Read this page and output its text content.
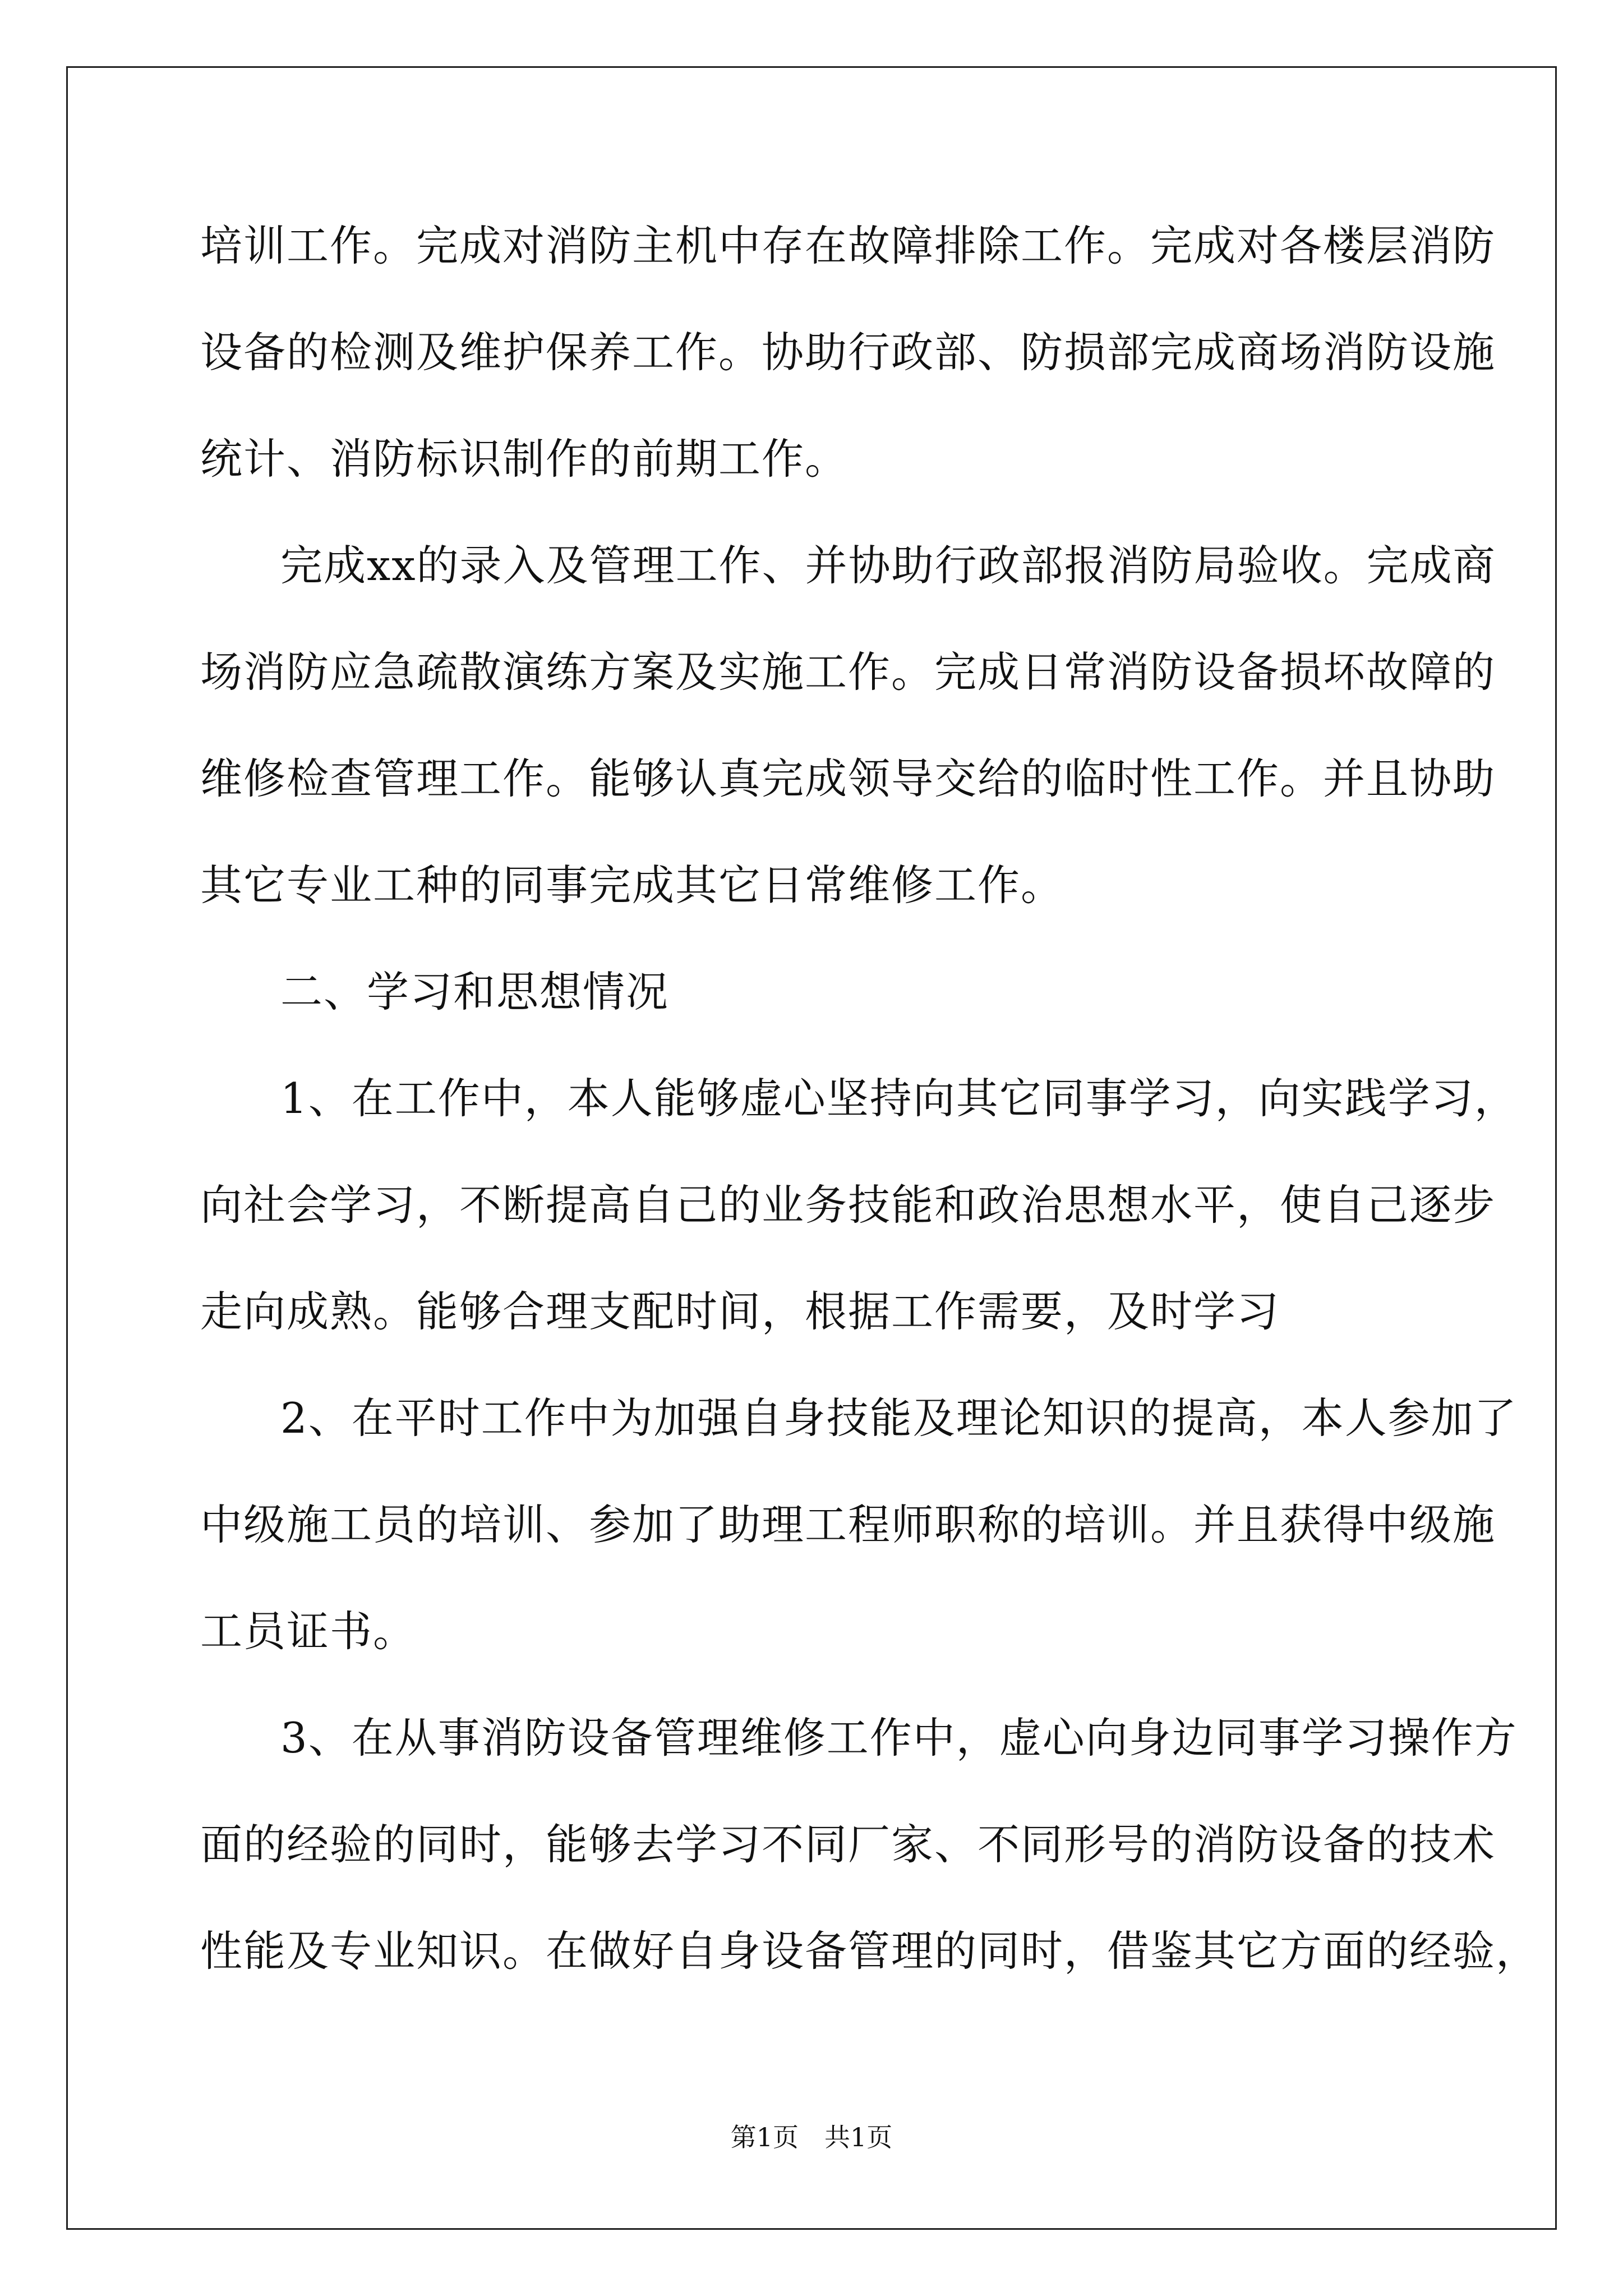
培训工作。完成对消防主机中存在故障排除工作。完成对各楼层消防
设备的检测及维护保养工作。协助行政部、防损部完成商场消防设施
统计、消防标识制作的前期工作。
完成xx的录入及管理工作、并协助行政部报消防局验收。完成商
场消防应急疏散演练方案及实施工作。完成日常消防设备损坏故障的
维修检查管理工作。能够认真完成领导交给的临时性工作。并且协助
其它专业工种的同事完成其它日常维修工作。
二、学习和思想情况
1、在工作中，本人能够虚心坚持向其它同事学习，向实践学习，
向社会学习，不断提高自己的业务技能和政治思想水平，使自己逐步
走向成熟。能够合理支配时间，根据工作需要，及时学习
2、在平时工作中为加强自身技能及理论知识的提高，本人参加了
中级施工员的培训、参加了助理工程师职称的培训。并且获得中级施
工员证书。
3、在从事消防设备管理维修工作中，虚心向身边同事学习操作方
面的经验的同时，能够去学习不同厂家、不同形号的消防设备的技术
性能及专业知识。在做好自身设备管理的同时，借鉴其它方面的经验，
第1页　共1页
